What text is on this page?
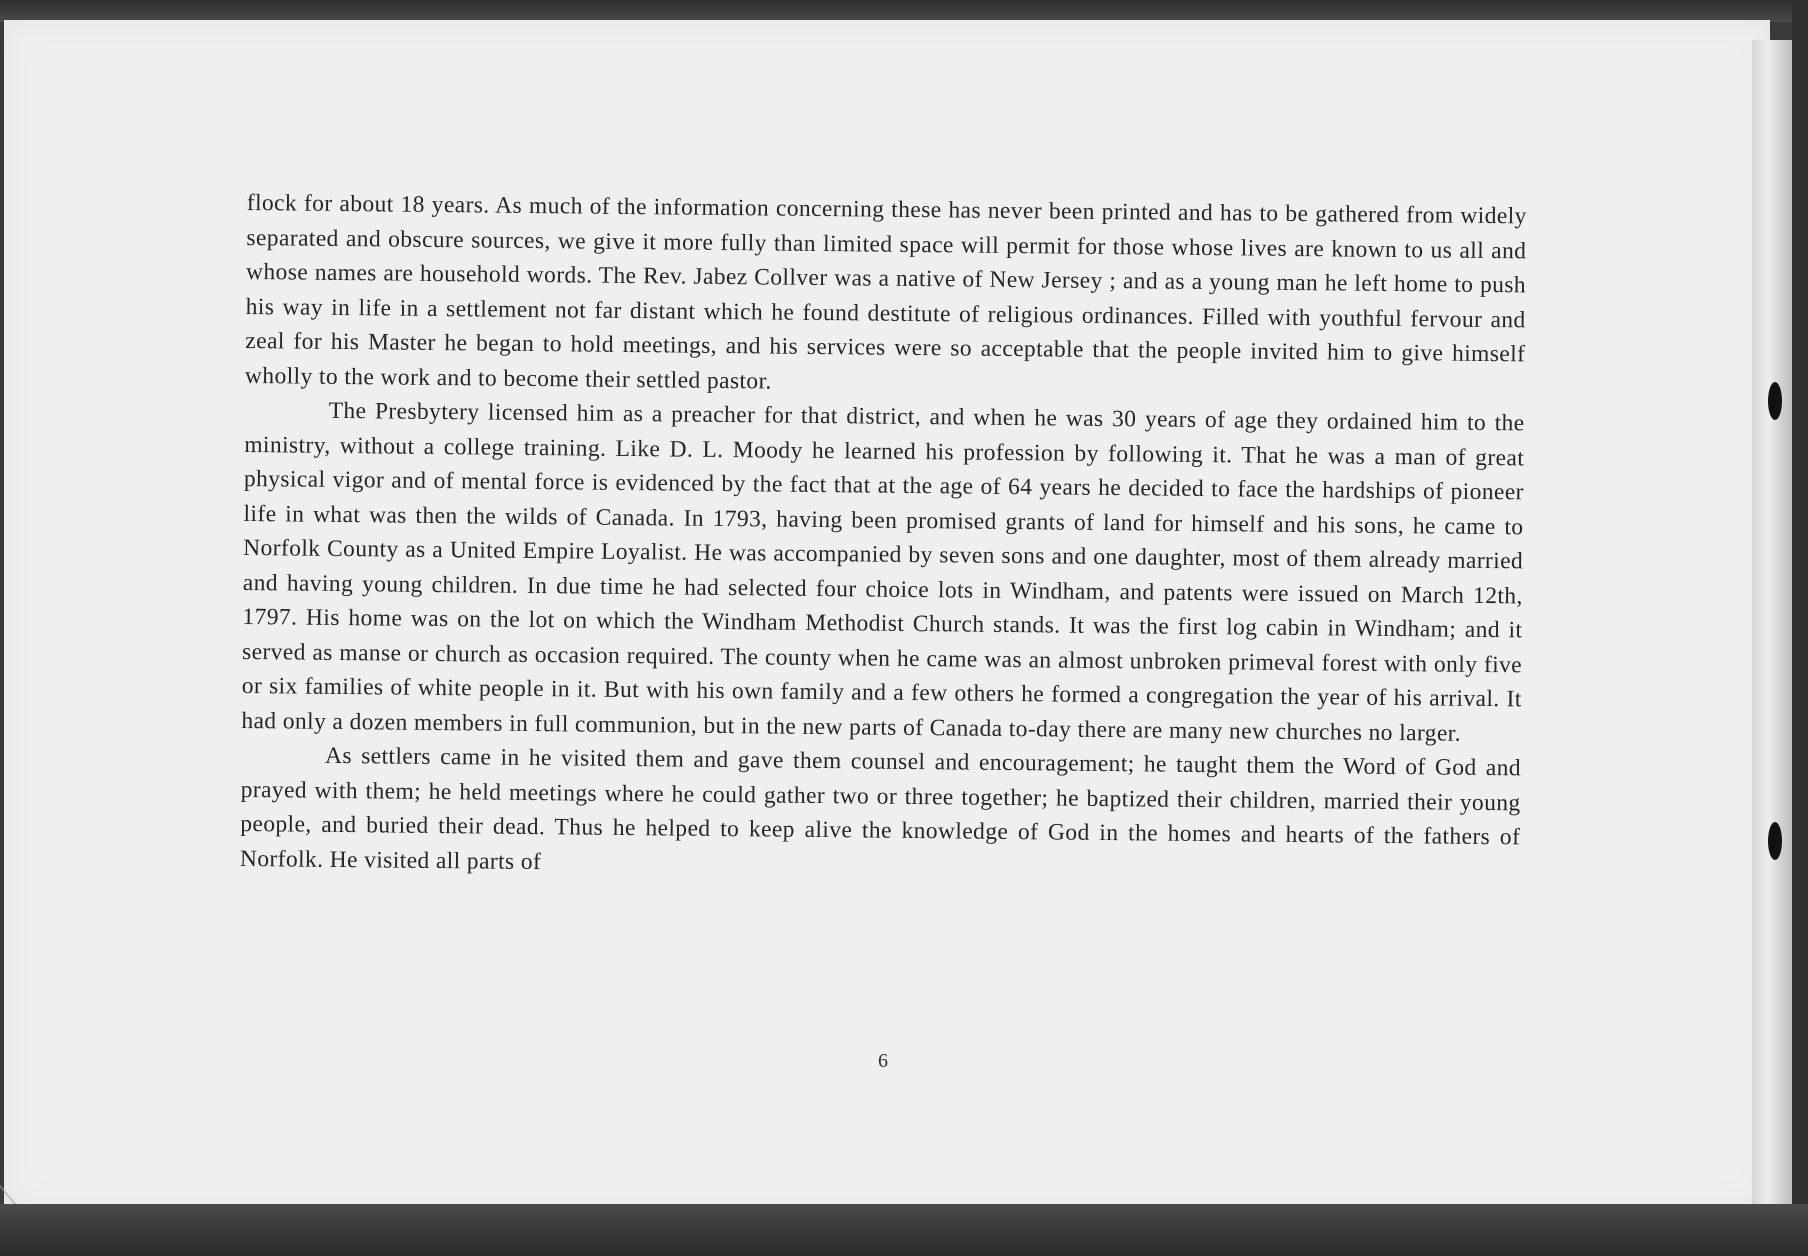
flock for about 18 years. As much of the information concerning these has never been printed and has to be gathered from widely separated and obscure sources, we give it more fully than limited space will permit for those whose lives are known to us all and whose names are household words. The Rev. Jabez Collver was a native of New Jersey ; and as a young man he left home to push his way in life in a settlement not far distant which he found destitute of religious ordinances. Filled with youthful fervour and zeal for his Master he began to hold meetings, and his services were so acceptable that the people invited him to give himself wholly to the work and to become their settled pastor.

The Presbytery licensed him as a preacher for that district, and when he was 30 years of age they ordained him to the ministry, without a college training. Like D. L. Moody he learned his profession by following it. That he was a man of great physical vigor and of mental force is evidenced by the fact that at the age of 64 years he decided to face the hardships of pioneer life in what was then the wilds of Canada. In 1793, having been promised grants of land for himself and his sons, he came to Norfolk County as a United Empire Loyalist. He was accompanied by seven sons and one daughter, most of them already married and having young children. In due time he had selected four choice lots in Windham, and patents were issued on March 12th, 1797. His home was on the lot on which the Windham Methodist Church stands. It was the first log cabin in Windham; and it served as manse or church as occasion required. The county when he came was an almost unbroken primeval forest with only five or six families of white people in it. But with his own family and a few others he formed a congregation the year of his arrival. It had only a dozen members in full communion, but in the new parts of Canada to-day there are many new churches no larger.

As settlers came in he visited them and gave them counsel and encouragement; he taught them the Word of God and prayed with them; he held meetings where he could gather two or three together; he baptized their children, married their young people, and buried their dead. Thus he helped to keep alive the knowledge of God in the homes and hearts of the fathers of Norfolk. He visited all parts of

6
